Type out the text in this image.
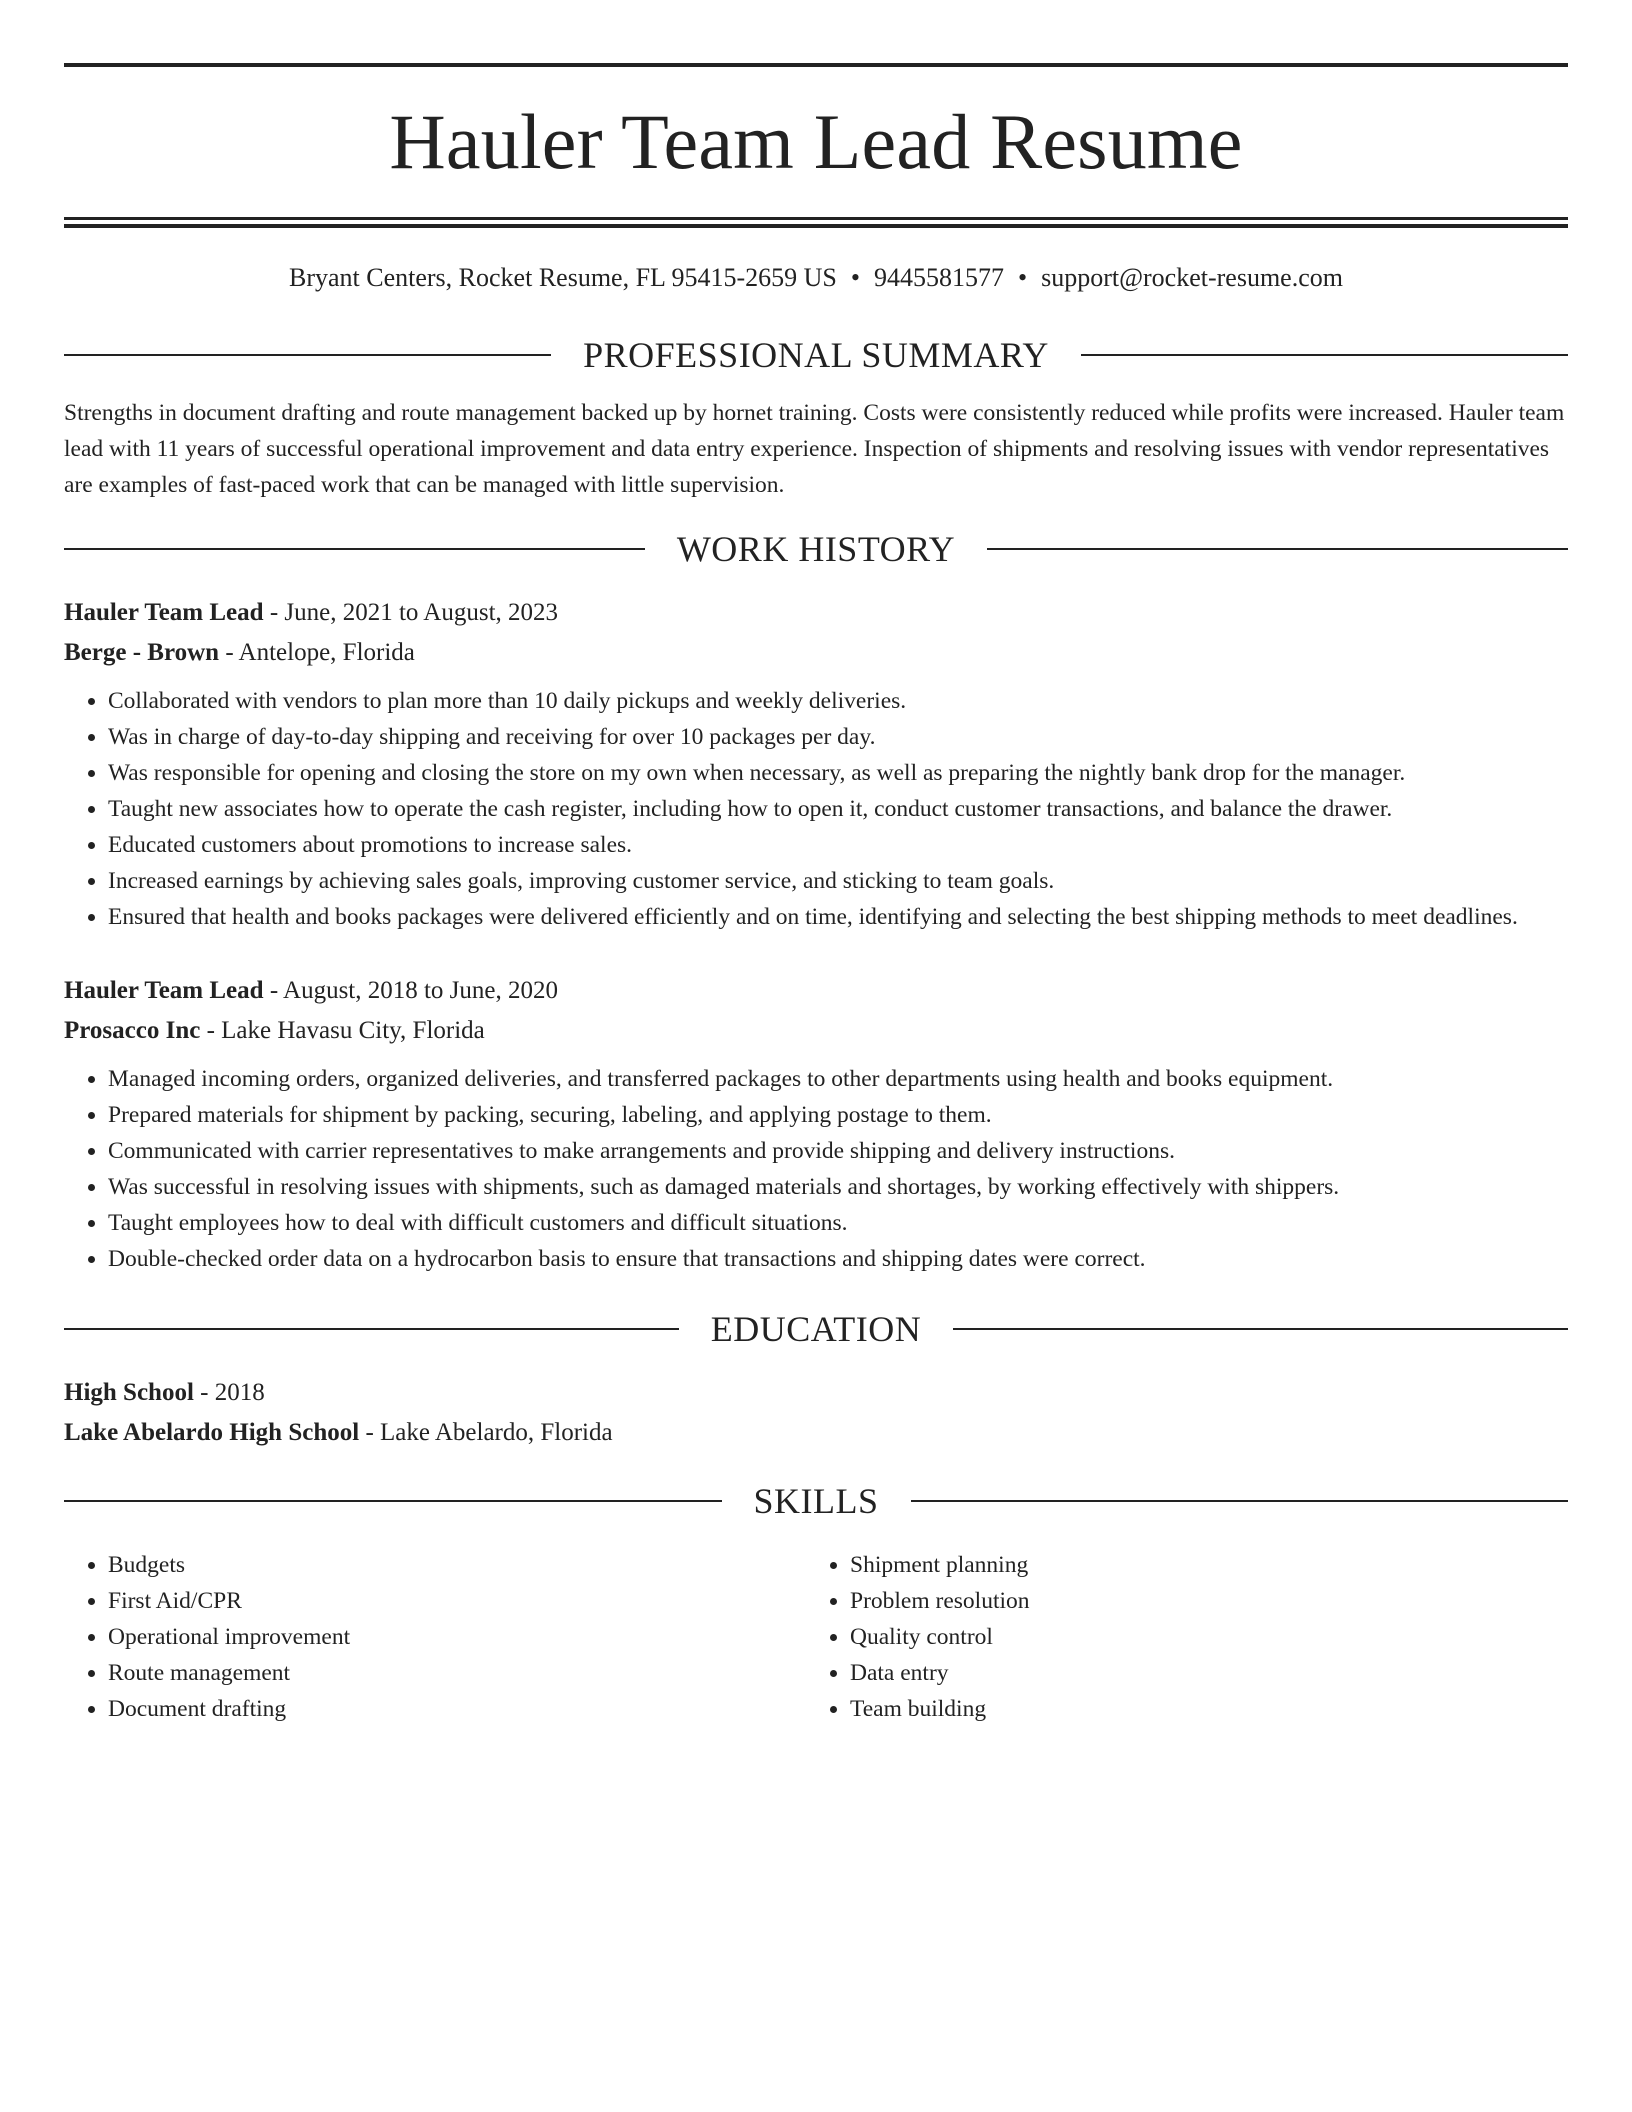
Hauler Team Lead Resume
Bryant Centers, Rocket Resume, FL 95415-2659 US • 9445581577 • support@rocket-resume.com
PROFESSIONAL SUMMARY
Strengths in document drafting and route management backed up by hornet training. Costs were consistently reduced while profits were increased. Hauler team lead with 11 years of successful operational improvement and data entry experience. Inspection of shipments and resolving issues with vendor representatives are examples of fast-paced work that can be managed with little supervision.
WORK HISTORY
Hauler Team Lead - June, 2021 to August, 2023
Berge - Brown - Antelope, Florida
• Collaborated with vendors to plan more than 10 daily pickups and weekly deliveries.
• Was in charge of day-to-day shipping and receiving for over 10 packages per day.
• Was responsible for opening and closing the store on my own when necessary, as well as preparing the nightly bank drop for the manager.
• Taught new associates how to operate the cash register, including how to open it, conduct customer transactions, and balance the drawer.
• Educated customers about promotions to increase sales.
• Increased earnings by achieving sales goals, improving customer service, and sticking to team goals.
• Ensured that health and books packages were delivered efficiently and on time, identifying and selecting the best shipping methods to meet deadlines.
Hauler Team Lead - August, 2018 to June, 2020
Prosacco Inc - Lake Havasu City, Florida
• Managed incoming orders, organized deliveries, and transferred packages to other departments using health and books equipment.
• Prepared materials for shipment by packing, securing, labeling, and applying postage to them.
• Communicated with carrier representatives to make arrangements and provide shipping and delivery instructions.
• Was successful in resolving issues with shipments, such as damaged materials and shortages, by working effectively with shippers.
• Taught employees how to deal with difficult customers and difficult situations.
• Double-checked order data on a hydrocarbon basis to ensure that transactions and shipping dates were correct.
EDUCATION
High School - 2018
Lake Abelardo High School - Lake Abelardo, Florida
SKILLS
• Budgets
• First Aid/CPR
• Operational improvement
• Route management
• Document drafting
• Shipment planning
• Problem resolution
• Quality control
• Data entry
• Team building
